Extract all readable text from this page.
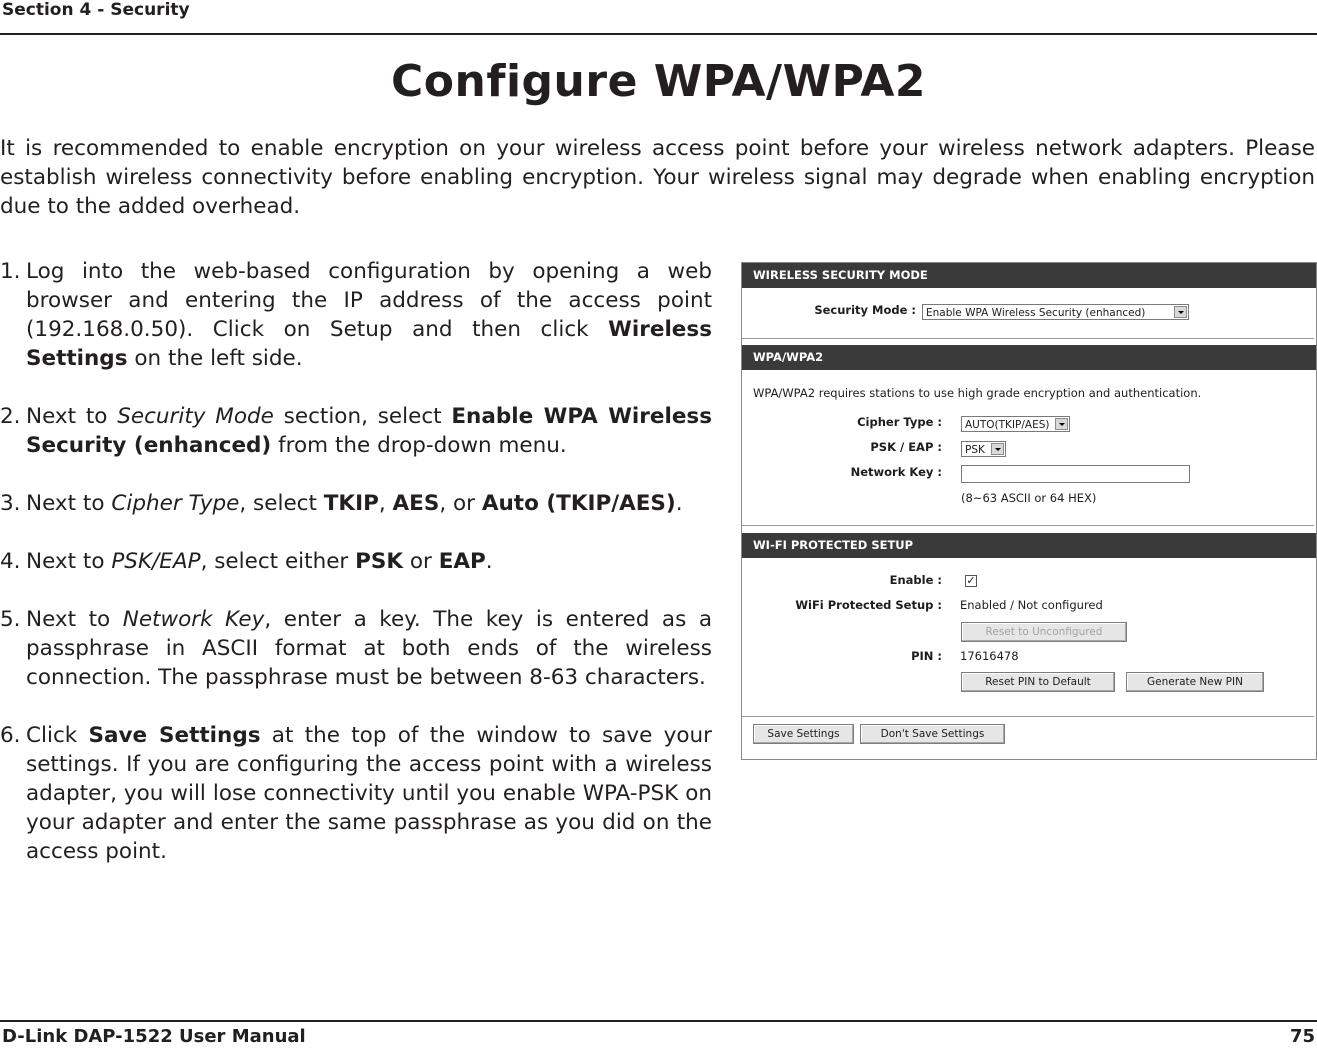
Section 4 - Security
Configure WPA/WPA2

It is recommended to enable encryption on your wireless access point before your wireless network adapters. Please establish wireless connectivity before enabling encryption. Your wireless signal may degrade when enabling encryption due to the added overhead.

1. Log into the web-based configuration by opening a web browser and entering the IP address of the access point (192.168.0.50). Click on Setup and then click Wireless Settings on the left side.
2. Next to Security Mode section, select Enable WPA Wireless Security (enhanced) from the drop-down menu.
3. Next to Cipher Type, select TKIP, AES, or Auto (TKIP/AES).
4. Next to PSK/EAP, select either PSK or EAP.
5. Next to Network Key, enter a key. The key is entered as a passphrase in ASCII format at both ends of the wireless connection. The passphrase must be between 8-63 characters.
6. Click Save Settings at the top of the window to save your settings. If you are configuring the access point with a wireless adapter, you will lose connectivity until you enable WPA-PSK on your adapter and enter the same passphrase as you did on the access point.
WIRELESS SECURITY MODE
Security Mode : Enable WPA Wireless Security (enhanced)
WPA/WPA2
WPA/WPA2 requires stations to use high grade encryption and authentication.
Cipher Type :	AUTO(TKIP/AES)
PSK / EAP :	PSK
Network Key :
(8~63 ASCII or 64 HEX)
WI-FI PROTECTED SETUP
Enable : ✓
WiFi Protected Setup : Enabled / Not configured
Reset to Unconfigured
PIN : 17616478
Reset PIN to Default	Generate New PIN
Save Settings	Don't Save Settings
D-Link DAP-1522 User Manual	75
